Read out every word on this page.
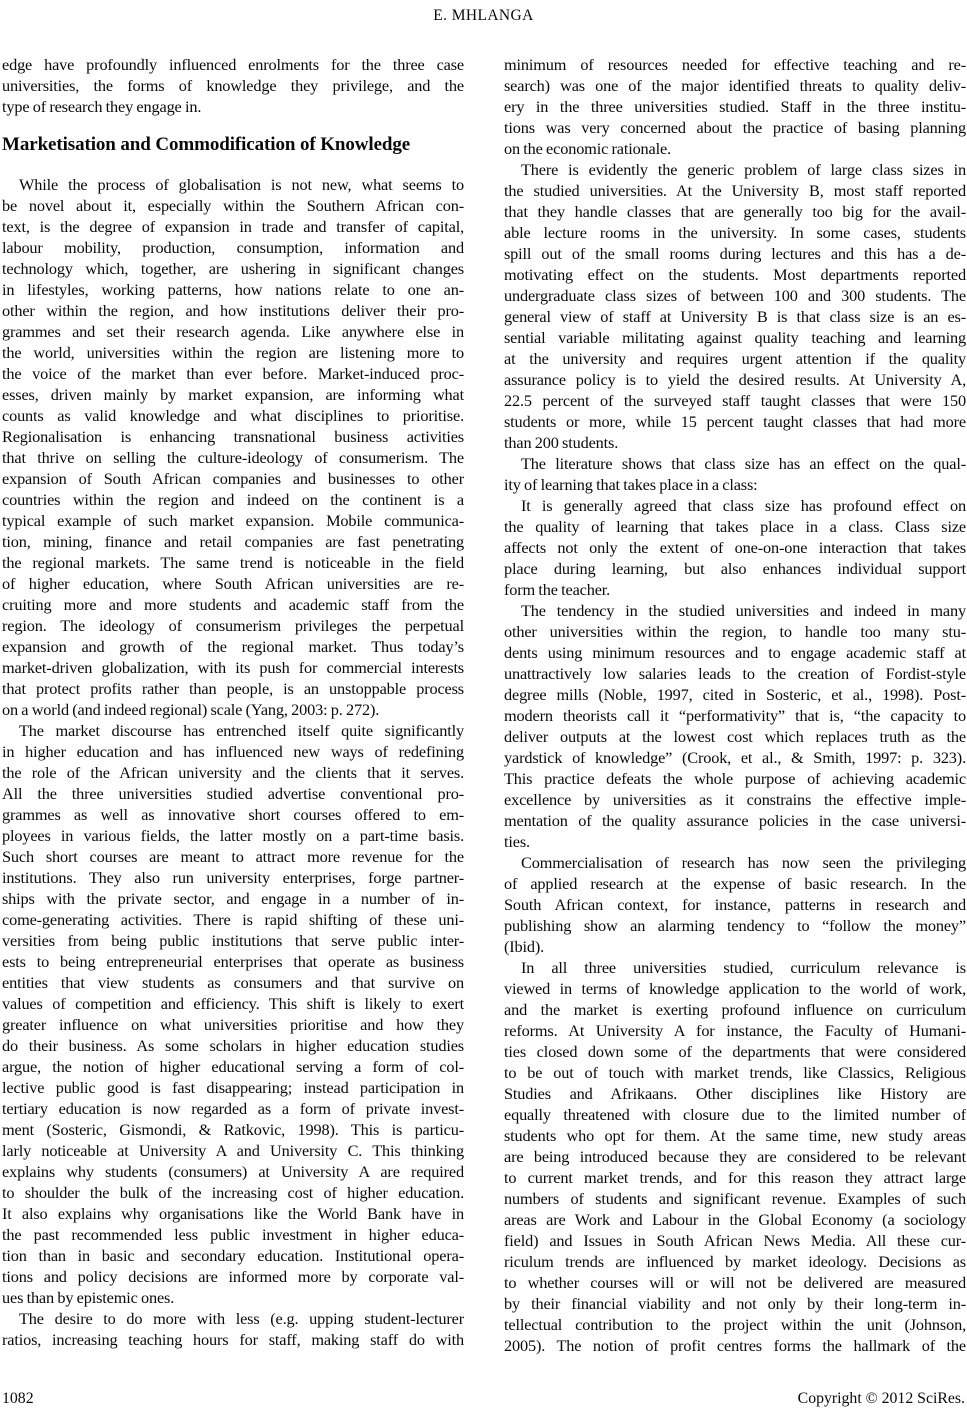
E. MHLANGA
edge have profoundly influenced enrolments for the three case
universities, the forms of knowledge they privilege, and the
type of research they engage in.
Marketisation and Commodification of Knowledge
While the process of globalisation is not new, what seems to
be novel about it, especially within the Southern African con-
text, is the degree of expansion in trade and transfer of capital,
labour mobility, production, consumption, information and
technology which, together, are ushering in significant changes
in lifestyles, working patterns, how nations relate to one an-
other within the region, and how institutions deliver their pro-
grammes and set their research agenda. Like anywhere else in
the world, universities within the region are listening more to
the voice of the market than ever before. Market-induced proc-
esses, driven mainly by market expansion, are informing what
counts as valid knowledge and what disciplines to prioritise.
Regionalisation is enhancing transnational business activities
that thrive on selling the culture-ideology of consumerism. The
expansion of South African companies and businesses to other
countries within the region and indeed on the continent is a
typical example of such market expansion. Mobile communica-
tion, mining, finance and retail companies are fast penetrating
the regional markets. The same trend is noticeable in the field
of higher education, where South African universities are re-
cruiting more and more students and academic staff from the
region. The ideology of consumerism privileges the perpetual
expansion and growth of the regional market. Thus today’s
market-driven globalization, with its push for commercial interests
that protect profits rather than people, is an unstoppable process
on a world (and indeed regional) scale (Yang, 2003: p. 272).
The market discourse has entrenched itself quite significantly
in higher education and has influenced new ways of redefining
the role of the African university and the clients that it serves.
All the three universities studied advertise conventional pro-
grammes as well as innovative short courses offered to em-
ployees in various fields, the latter mostly on a part-time basis.
Such short courses are meant to attract more revenue for the
institutions. They also run university enterprises, forge partner-
ships with the private sector, and engage in a number of in-
come-generating activities. There is rapid shifting of these uni-
versities from being public institutions that serve public inter-
ests to being entrepreneurial enterprises that operate as business
entities that view students as consumers and that survive on
values of competition and efficiency. This shift is likely to exert
greater influence on what universities prioritise and how they
do their business. As some scholars in higher education studies
argue, the notion of higher educational serving a form of col-
lective public good is fast disappearing; instead participation in
tertiary education is now regarded as a form of private invest-
ment (Sosteric, Gismondi, & Ratkovic, 1998). This is particu-
larly noticeable at University A and University C. This thinking
explains why students (consumers) at University A are required
to shoulder the bulk of the increasing cost of higher education.
It also explains why organisations like the World Bank have in
the past recommended less public investment in higher educa-
tion than in basic and secondary education. Institutional opera-
tions and policy decisions are informed more by corporate val-
ues than by epistemic ones.
The desire to do more with less (e.g. upping student-lecturer
ratios, increasing teaching hours for staff, making staff do with
minimum of resources needed for effective teaching and re-
search) was one of the major identified threats to quality deliv-
ery in the three universities studied. Staff in the three institu-
tions was very concerned about the practice of basing planning
on the economic rationale.
There is evidently the generic problem of large class sizes in
the studied universities. At the University B, most staff reported
that they handle classes that are generally too big for the avail-
able lecture rooms in the university. In some cases, students
spill out of the small rooms during lectures and this has a de-
motivating effect on the students. Most departments reported
undergraduate class sizes of between 100 and 300 students. The
general view of staff at University B is that class size is an es-
sential variable militating against quality teaching and learning
at the university and requires urgent attention if the quality
assurance policy is to yield the desired results. At University A,
22.5 percent of the surveyed staff taught classes that were 150
students or more, while 15 percent taught classes that had more
than 200 students.
The literature shows that class size has an effect on the qual-
ity of learning that takes place in a class:
It is generally agreed that class size has profound effect on
the quality of learning that takes place in a class. Class size
affects not only the extent of one-on-one interaction that takes
place during learning, but also enhances individual support
form the teacher.
The tendency in the studied universities and indeed in many
other universities within the region, to handle too many stu-
dents using minimum resources and to engage academic staff at
unattractively low salaries leads to the creation of Fordist-style
degree mills (Noble, 1997, cited in Sosteric, et al., 1998). Post-
modern theorists call it “performativity” that is, “the capacity to
deliver outputs at the lowest cost which replaces truth as the
yardstick of knowledge” (Crook, et al., & Smith, 1997: p. 323).
This practice defeats the whole purpose of achieving academic
excellence by universities as it constrains the effective imple-
mentation of the quality assurance policies in the case universi-
ties.
Commercialisation of research has now seen the privileging
of applied research at the expense of basic research. In the
South African context, for instance, patterns in research and
publishing show an alarming tendency to “follow the money”
(Ibid).
In all three universities studied, curriculum relevance is
viewed in terms of knowledge application to the world of work,
and the market is exerting profound influence on curriculum
reforms. At University A for instance, the Faculty of Humani-
ties closed down some of the departments that were considered
to be out of touch with market trends, like Classics, Religious
Studies and Afrikaans. Other disciplines like History are
equally threatened with closure due to the limited number of
students who opt for them. At the same time, new study areas
are being introduced because they are considered to be relevant
to current market trends, and for this reason they attract large
numbers of students and significant revenue. Examples of such
areas are Work and Labour in the Global Economy (a sociology
field) and Issues in South African News Media. All these cur-
riculum trends are influenced by market ideology. Decisions as
to whether courses will or will not be delivered are measured
by their financial viability and not only by their long-term in-
tellectual contribution to the project within the unit (Johnson,
2005). The notion of profit centres forms the hallmark of the
1082	Copyright © 2012 SciRes.
